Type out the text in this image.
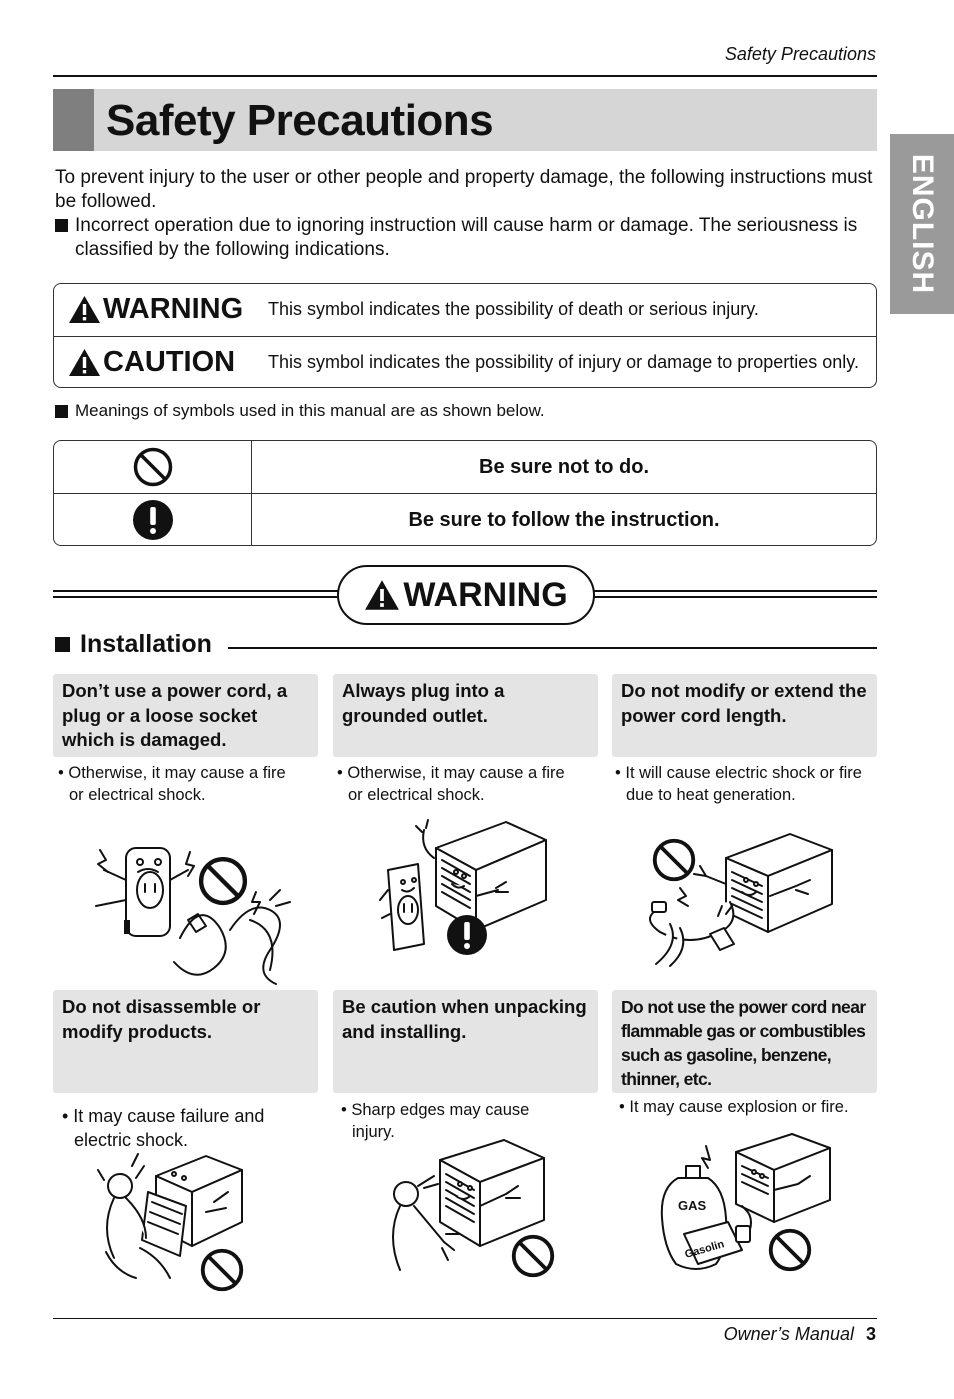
Safety Precautions
Safety Precautions
ENGLISH

To prevent injury to the user or other people and property damage, the following instructions must be followed.

Incorrect operation due to ignoring instruction will cause harm or damage. The seriousness is classified by the following indications.
WARNING This symbol indicates the possibility of death or serious injury.
CAUTION This symbol indicates the possibility of injury or damage to properties only.
Meanings of symbols used in this manual are as shown below.
Be sure not to do.
Be sure to follow the instruction.
WARNING
Installation
Don’t use a power cord, a plug or a loose socket which is damaged.
Always plug into a grounded outlet.
Do not modify or extend the power cord length.
• Otherwise, it may cause a fire
or electrical shock.
• Otherwise, it may cause a fire
or electrical shock.
• It will cause electric shock or fire
due to heat generation.
Do not disassemble or modify products.
Be caution when unpacking and installing.
Do not use the power cord near flammable gas or combustibles such as gasoline, benzene, thinner, etc.
• It may cause failure and
electric shock.
• Sharp edges may cause
injury.
• It may cause explosion or fire.
GAS
Gasolin
Owner’s Manual 3
